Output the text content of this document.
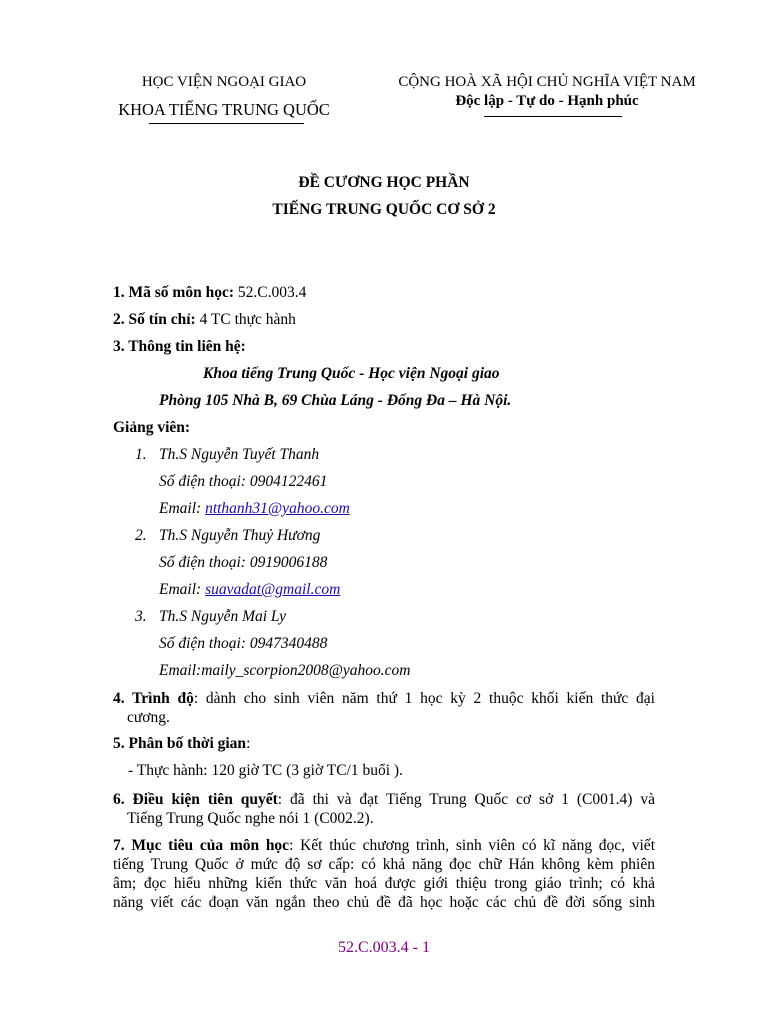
HỌC VIỆN NGOẠI GIAO
KHOA TIẾNG TRUNG QUỐC
CỘNG HOÀ XÃ HỘI CHỦ NGHĨA VIỆT NAM
Độc lập - Tự do - Hạnh phúc
ĐỀ CƯƠNG HỌC PHẦN
TIẾNG TRUNG QUỐC CƠ SỞ 2
1. Mã số môn học: 52.C.003.4
2. Số tín chỉ: 4 TC thực hành
3. Thông tin liên hệ:
Khoa tiếng Trung Quốc - Học viện Ngoại giao
Phòng 105 Nhà B, 69 Chùa Láng - Đống Đa – Hà Nội.
Giảng viên:
1. Th.S Nguyễn Tuyết Thanh
Số điện thoại: 0904122461
Email: ntthanh31@yahoo.com
2. Th.S Nguyễn Thuỷ Hương
Số điện thoại: 0919006188
Email: suavadat@gmail.com
3. Th.S Nguyễn Mai Ly
Số điện thoại: 0947340488
Email:maily_scorpion2008@yahoo.com
4. Trình độ: dành cho sinh viên năm thứ 1 học kỳ 2 thuộc khối kiến thức đại
cương.
5. Phân bố thời gian:
- Thực hành: 120 giờ TC (3 giờ TC/1 buổi ).
6. Điều kiện tiên quyết: đã thi và đạt Tiếng Trung Quốc cơ sở 1 (C001.4) và
Tiếng Trung Quốc nghe nói 1 (C002.2).
7. Mục tiêu của môn học: Kết thúc chương trình, sinh viên có kĩ năng đọc, viết
tiếng Trung Quốc ở mức độ sơ cấp: có khả năng đọc chữ Hán không kèm phiên
âm; đọc hiểu những kiến thức văn hoá được giới thiệu trong giáo trình; có khả
năng viết các đoạn văn ngắn theo chủ đề đã học hoặc các chủ đề đời sống sinh
52.C.003.4 - 1
